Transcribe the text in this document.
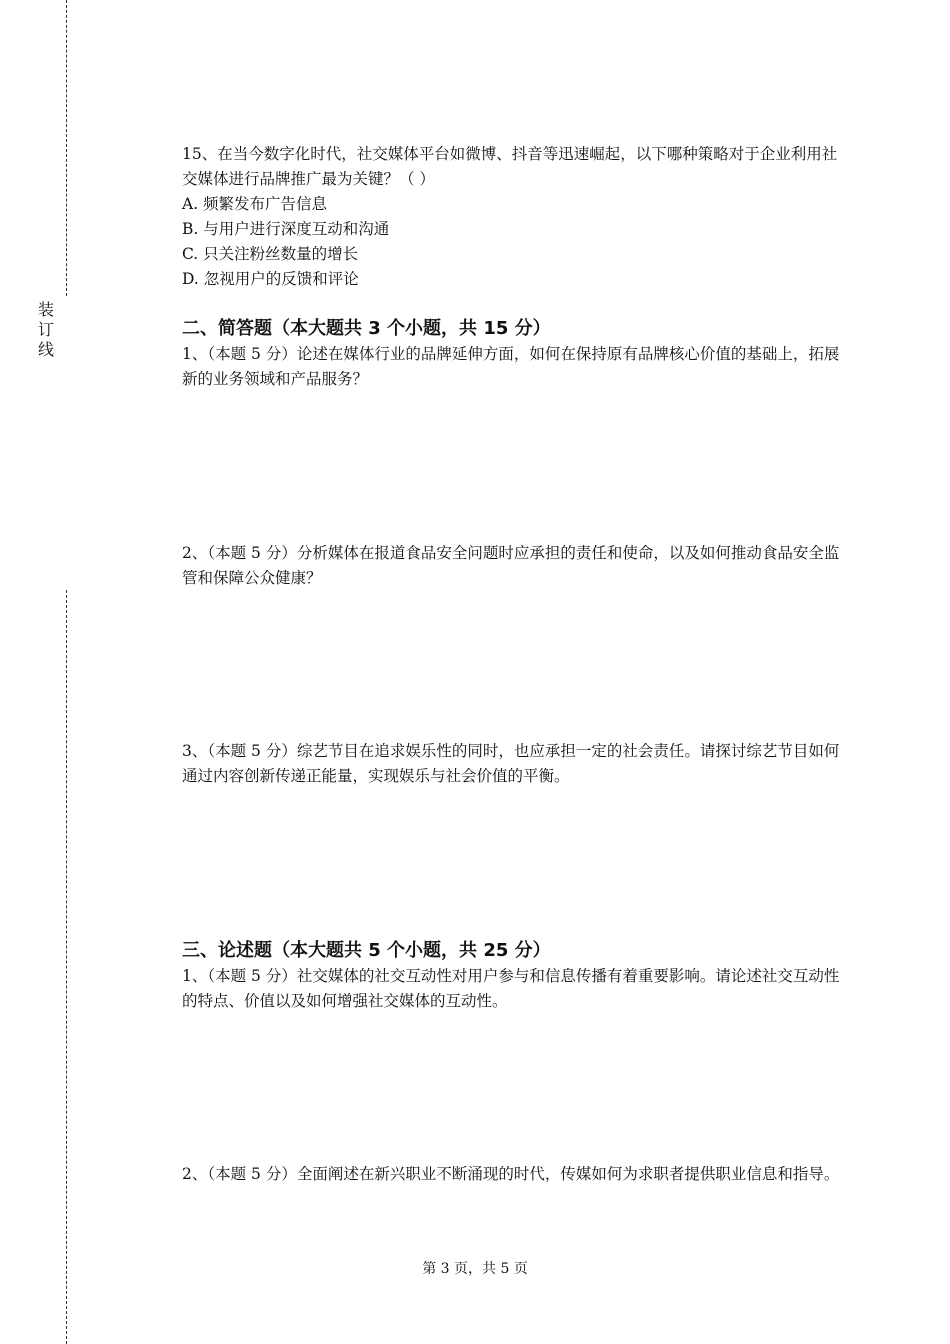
装
订
线

15、在当今数字化时代，社交媒体平台如微博、抖音等迅速崛起，以下哪种策略对于企业利用社交媒体进行品牌推广最为关键？（ ）

A. 频繁发布广告信息

B. 与用户进行深度互动和沟通

C. 只关注粉丝数量的增长

D. 忽视用户的反馈和评论

二、简答题（本大题共 3 个小题，共 15 分）

1、（本题 5 分）论述在媒体行业的品牌延伸方面，如何在保持原有品牌核心价值的基础上，拓展新的业务领域和产品服务？

2、（本题 5 分）分析媒体在报道食品安全问题时应承担的责任和使命，以及如何推动食品安全监管和保障公众健康？

3、（本题 5 分）综艺节目在追求娱乐性的同时，也应承担一定的社会责任。请探讨综艺节目如何通过内容创新传递正能量，实现娱乐与社会价值的平衡。

三、论述题（本大题共 5 个小题，共 25 分）

1、（本题 5 分）社交媒体的社交互动性对用户参与和信息传播有着重要影响。请论述社交互动性的特点、价值以及如何增强社交媒体的互动性。

2、（本题 5 分）全面阐述在新兴职业不断涌现的时代，传媒如何为求职者提供职业信息和指导。

第 3 页，共 5 页
